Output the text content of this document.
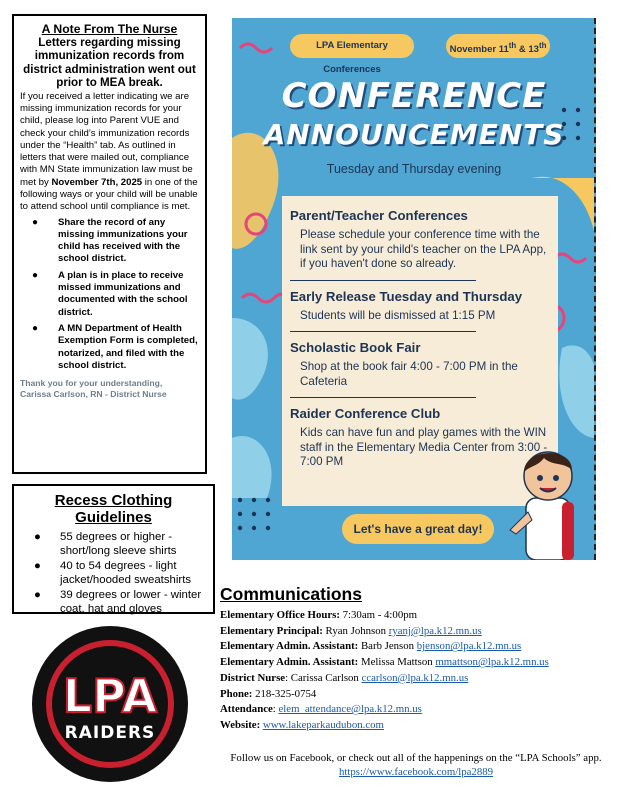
A Note From The Nurse
Letters regarding missing immunization records from district administration went out prior to MEA break.
If you received a letter indicating we are missing immunization records for your child, please log into Parent VUE and check your child’s immunization records under the “Health” tab. As outlined in letters that were mailed out, compliance with MN State immunization law must be met by November 7th, 2025 in one of the following ways or your child will be unable to attend school until compliance is met.
● Share the record of any missing immunizations your child has received with the school district.
● A plan is in place to receive missed immunizations and documented with the school district.
● A MN Department of Health Exemption Form is completed, notarized, and filed with the school district.
Thank you for your understanding,
Carissa Carlson, RN - District Nurse
Recess Clothing Guidelines
● 55 degrees or higher - short/long sleeve shirts
● 40 to 54 degrees - light jacket/hooded sweatshirts
● 39 degrees or lower - winter coat, hat and gloves
LPA
RAIDERS
LPA Elementary Conferences
November 11th & 13th
CONFERENCE
ANNOUNCEMENTS
Tuesday and Thursday evening
Parent/Teacher Conferences
Please schedule your conference time with the link sent by your child's teacher on the LPA App, if you haven't done so already.
Early Release Tuesday and Thursday
Students will be dismissed at 1:15 PM
Scholastic Book Fair
Shop at the book fair 4:00 - 7:00 PM in the Cafeteria
Raider Conference Club
Kids can have fun and play games with the WIN staff in the Elementary Media Center from 3:00 - 7:00 PM
Let's have a great day!
Communications
Elementary Office Hours: 7:30am - 4:00pm
Elementary Principal: Ryan Johnson ryanj@lpa.k12.mn.us
Elementary Admin. Assistant: Barb Jenson bjenson@lpa.k12.mn.us
Elementary Admin. Assistant: Melissa Mattson mmattson@lpa.k12.mn.us
District Nurse: Carissa Carlson ccarlson@lpa.k12.mn.us
Phone: 218-325-0754
Attendance: elem_attendance@lpa.k12.mn.us
Website: www.lakeparkaudubon.com
Follow us on Facebook, or check out all of the happenings on the “LPA Schools” app.
https://www.facebook.com/lpa2889
